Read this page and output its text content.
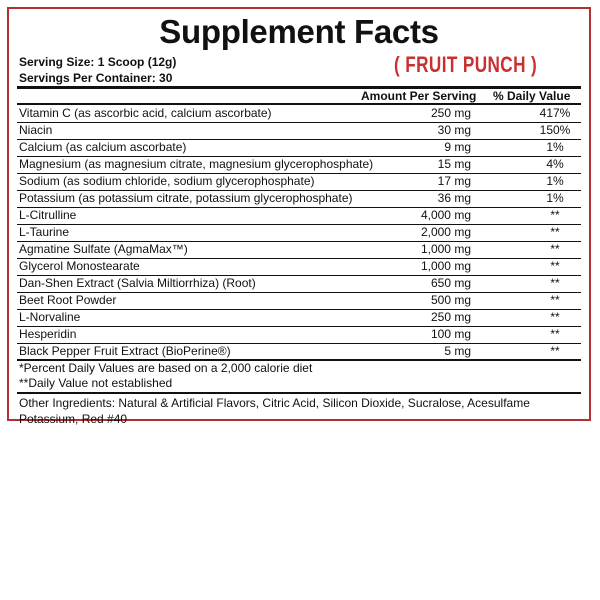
Supplement Facts
( FRUIT PUNCH )
Serving Size: 1 Scoop (12g)
Servings Per Container: 30
Amount Per Serving % Daily Value
Vitamin C (as ascorbic acid, calcium ascorbate)	250 mg	417%
Niacin	30 mg	150%
Calcium (as calcium ascorbate)	9 mg	1%
Magnesium (as magnesium citrate, magnesium glycerophosphate)	15 mg	4%
Sodium (as sodium chloride, sodium glycerophosphate)	17 mg	1%
Potassium (as potassium citrate, potassium glycerophosphate)	36 mg	1%
L-Citrulline	4,000 mg	**
L-Taurine	2,000 mg	**
Agmatine Sulfate (AgmaMax™)	1,000 mg	**
Glycerol Monostearate	1,000 mg	**
Dan-Shen Extract (Salvia Miltiorrhiza) (Root)	650 mg	**
Beet Root Powder	500 mg	**
L-Norvaline	250 mg	**
Hesperidin	100 mg	**
Black Pepper Fruit Extract (BioPerine®)	5 mg	**
*Percent Daily Values are based on a 2,000 calorie diet
**Daily Value not established
Other Ingredients: Natural & Artificial Flavors, Citric Acid, Silicon Dioxide, Sucralose, Acesulfame Potassium, Red #40
